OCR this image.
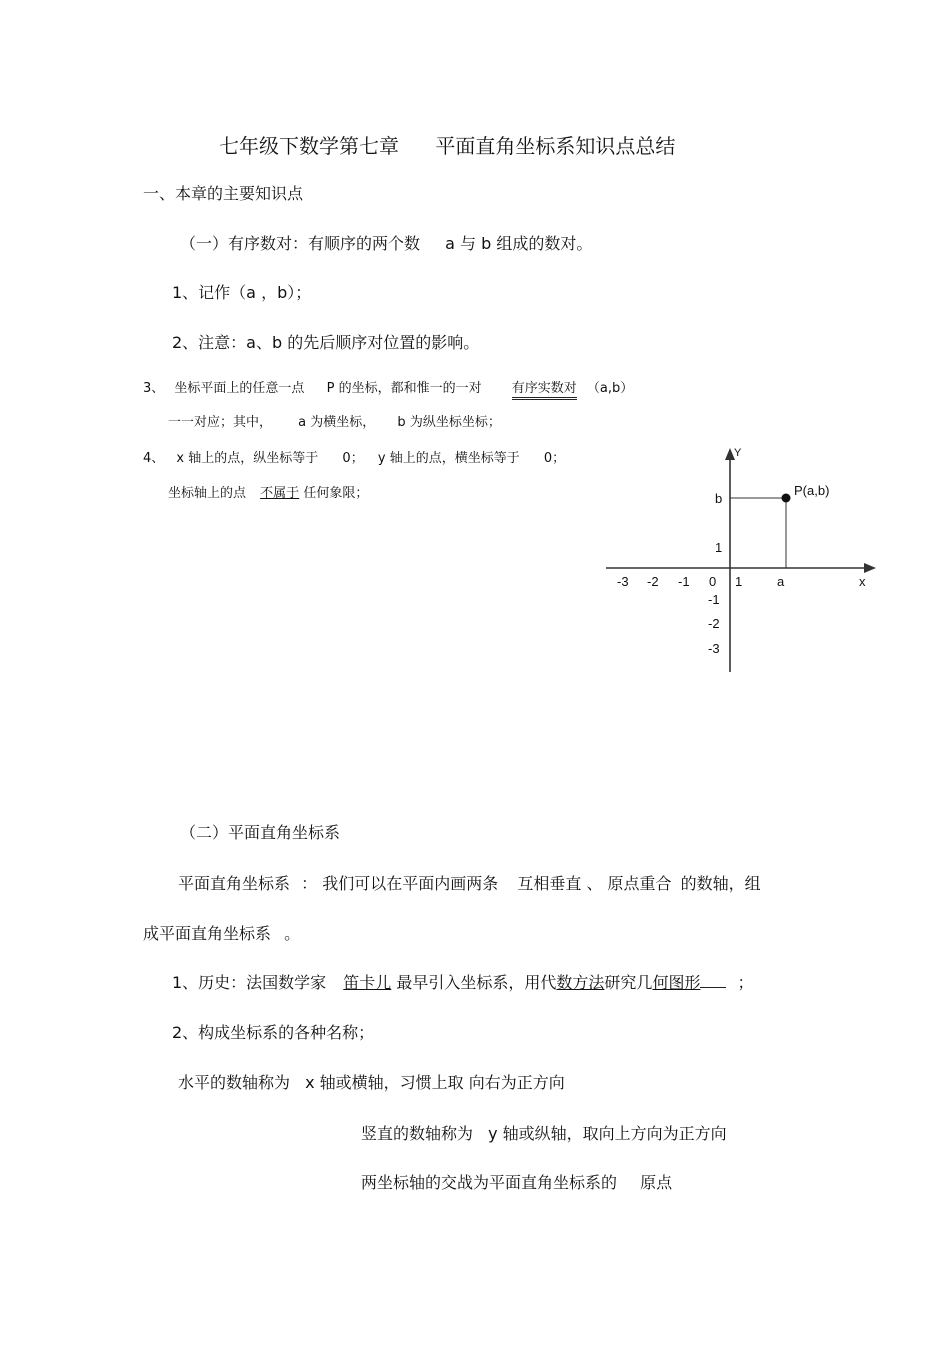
七年级下数学第七章 平面直角坐标系知识点总结
一、本章的主要知识点
（一）有序数对：有顺序的两个数 a 与 b 组成的数对。
1、记作（a ，b）；
2、注意：a、b 的先后顺序对位置的影响。
3、 坐标平面上的任意一点 P 的坐标，都和惟一的一对 有序实数对 （a,b）
一一对应；其中， a 为横坐标， b 为纵坐标坐标；
4、 x 轴上的点，纵坐标等于 0； y 轴上的点，横坐标等于 0；
坐标轴上的点 不属于 任何象限；
Y
x
P(a,b)
b
1
0 1	a
-3 -2 -1
-1
-2
-3
（二）平面直角坐标系
平面直角坐标系 ： 我们可以在平面内画两条 互相垂直 、 原点重合 的数轴，组
成平面直角坐标系 。
1、历史：法国数学家 笛卡儿 最早引入坐标系，用代数方法研究几何图形 ；
2、构成坐标系的各种名称；
水平的数轴称为 x 轴或横轴，习惯上取 向右为正方向
竖直的数轴称为 y 轴或纵轴，取向上方向为正方向
两坐标轴的交战为平面直角坐标系的 原点
